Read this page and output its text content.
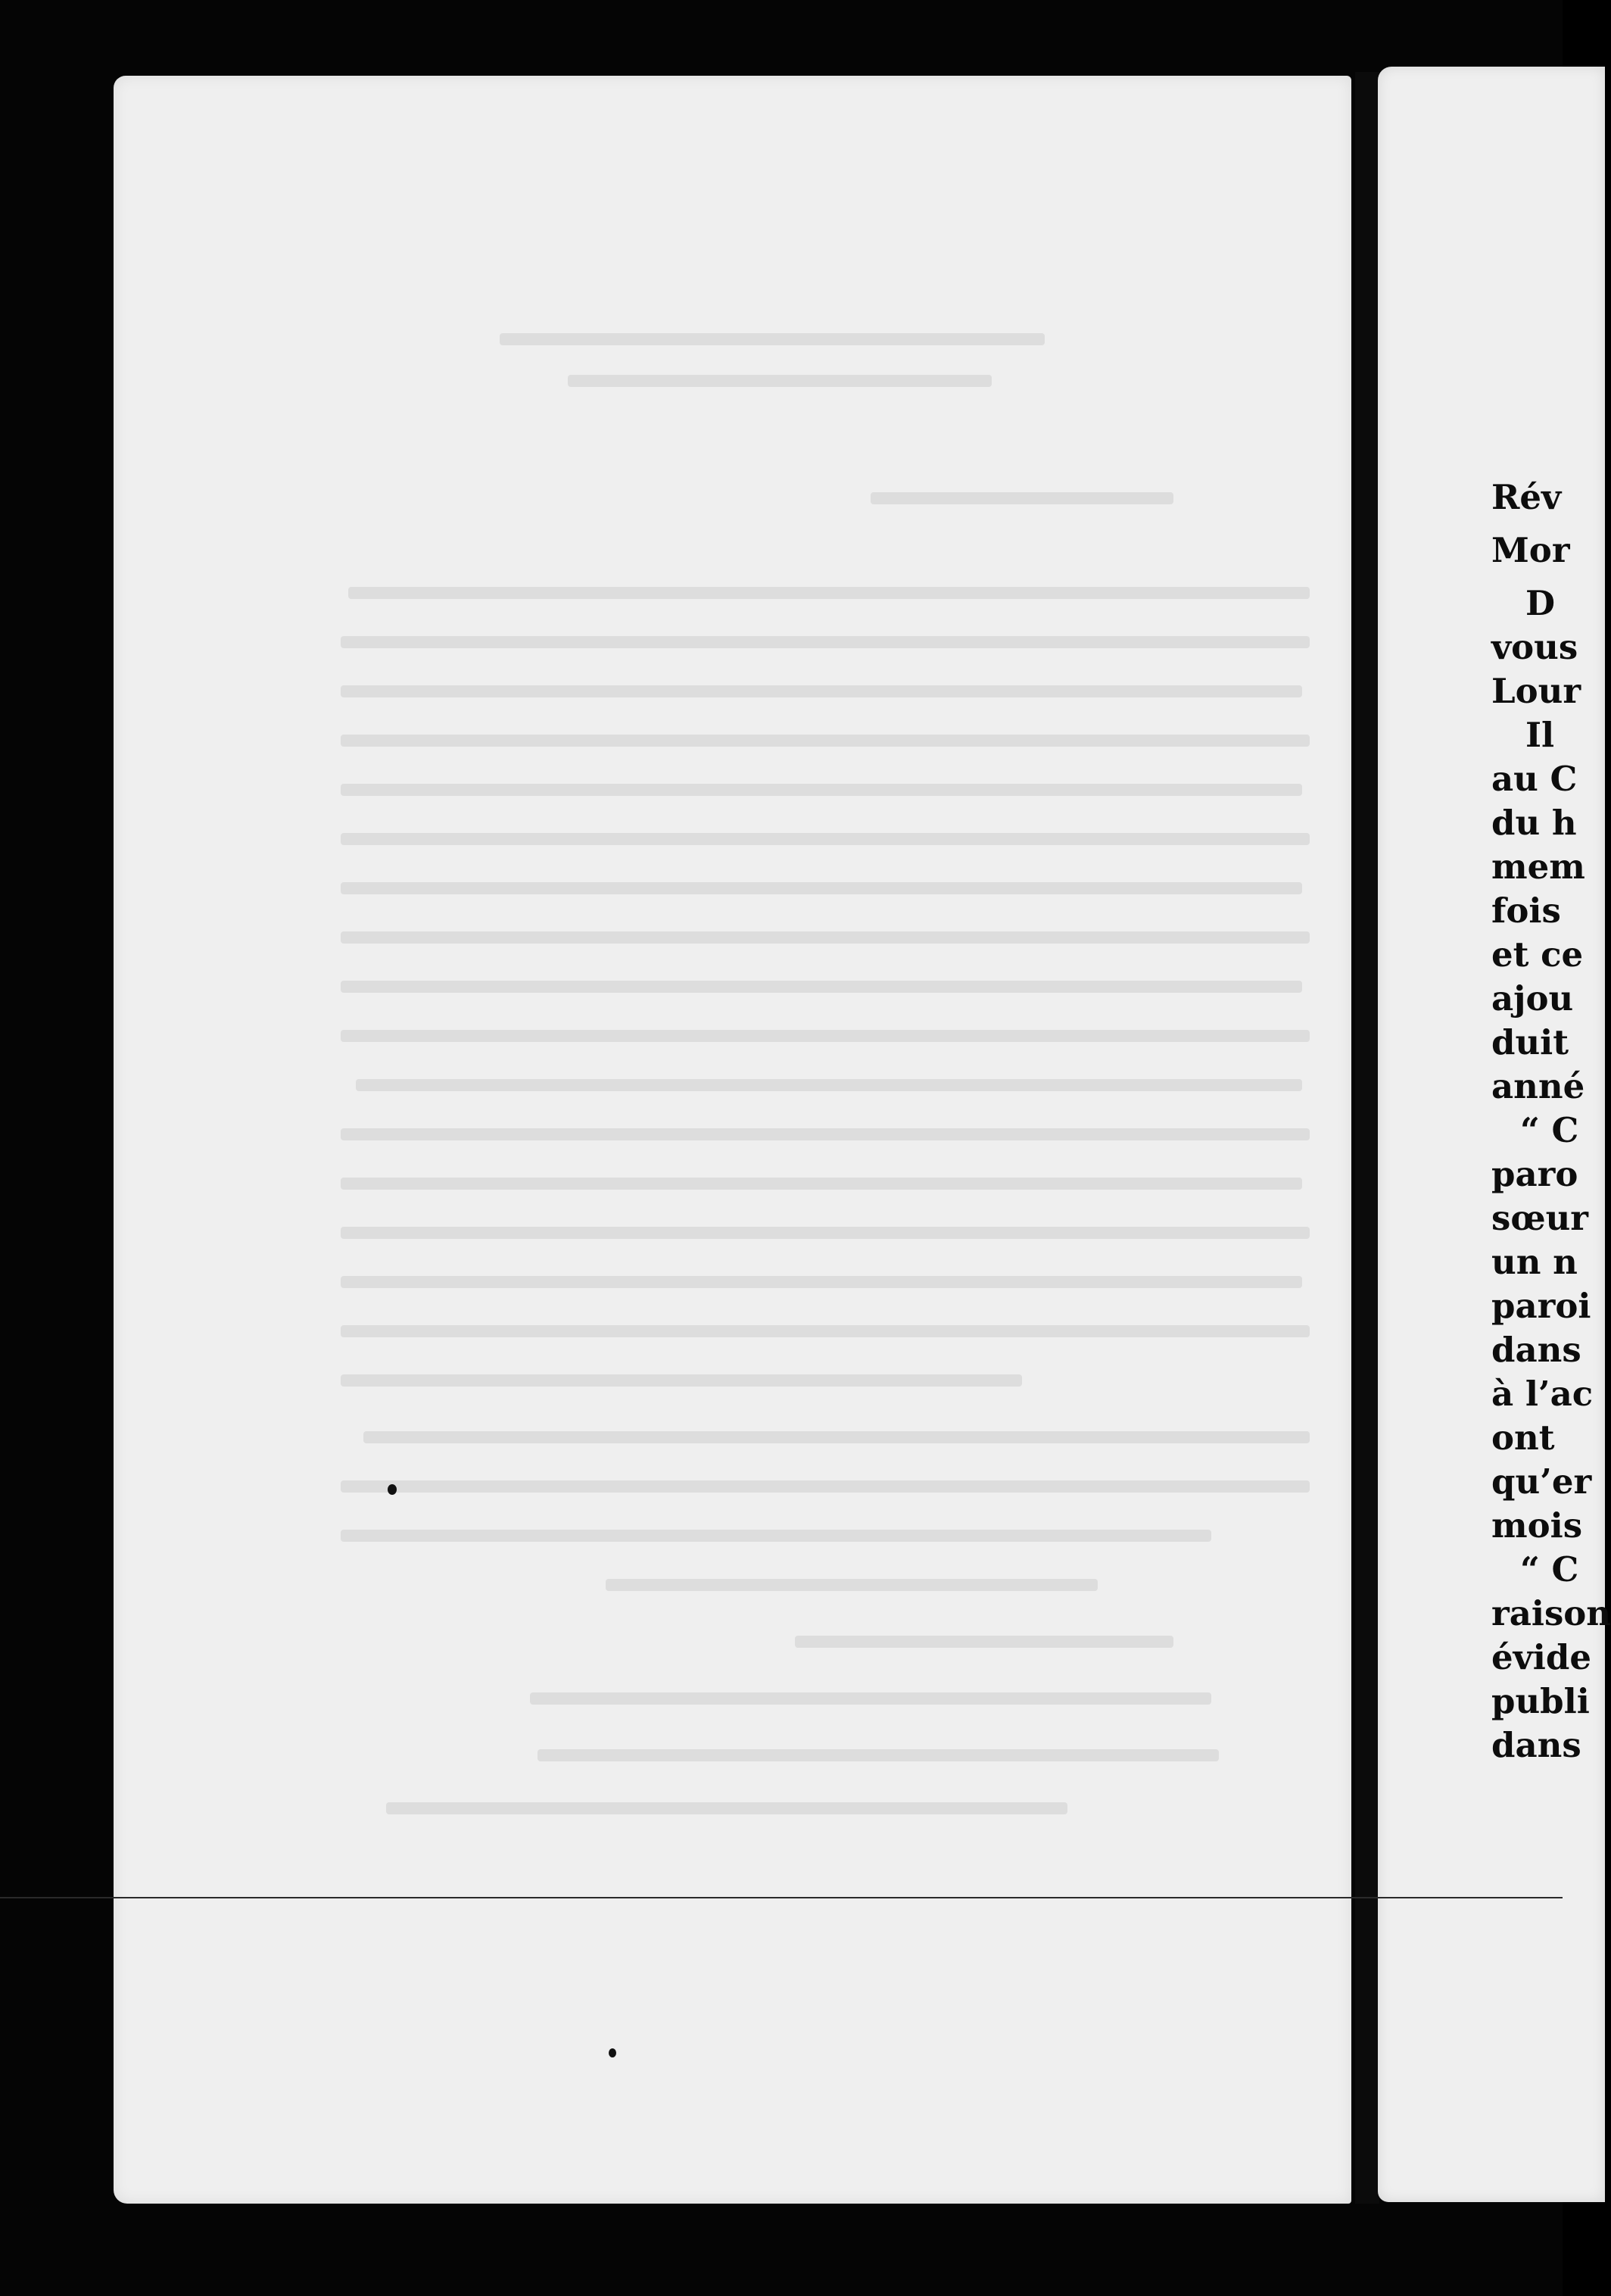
Rév
Mor
D
vous
Lour
Il
au C
du h
mem
fois
et ce
ajou
duit
anné
“ C
paro
sœur
un n
paroi
dans
à l’ac
ont
qu’er
mois
“ C
raison
évide
publi
dans
